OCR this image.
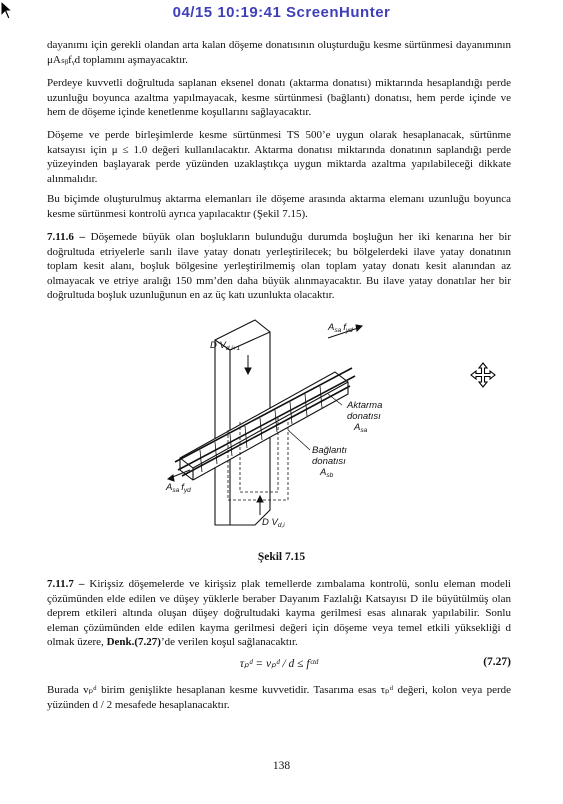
04/15 10:19:41 ScreenHunter
dayanımı için gerekli olandan arta kalan döşeme donatısının oluşturduğu kesme sürtünmesi dayanımının μAₛᵦfᵧd toplamını aşmayacaktır.
Perdeye kuvvetli doğrultuda saplanan eksenel donatı (aktarma donatısı) miktarında hesaplandığı perde uzunluğu boyunca azaltma yapılmayacak, kesme sürtünmesi (bağlantı) donatısı, hem perde içinde ve hem de döşeme içinde kenetlenme koşullarını sağlayacaktır.
Döşeme ve perde birleşimlerde kesme sürtünmesi TS 500’e uygun olarak hesaplanacak, sürtünme katsayısı için μ ≤ 1.0 değeri kullanılacaktır. Aktarma donatısı miktarında donatının saplandığı perde yüzeyinden başlayarak perde yüzünden uzaklaştıkça uygun miktarda azaltma yapılabileceği dikkate alınmalıdır.
Bu biçimde oluşturulmuş aktarma elemanları ile döşeme arasında aktarma elemanı uzunluğu boyunca kesme sürtünmesi kontrolü ayrıca yapılacaktır (Şekil 7.15).
7.11.6 – Döşemede büyük olan boşlukların bulunduğu durumda boşluğun her iki kenarına her bir doğrultuda etriyelerle sarılı ilave yatay donatı yerleştirilecek; bu bölgelerdeki ilave yatay donatının toplam kesit alanı, boşluk bölgesine yerleştirilmemiş olan toplam yatay donatı kesit alanından az olmayacak ve etriye aralığı 150 mm’den daha büyük alınmayacaktır. Bu ilave yatay donatılar her bir doğrultuda boşluk uzunluğunun en az üç katı uzunlukta olacaktır.
D $V_{d,i+1}$
$A_{sa}$ $f_{yd}$
Aktarma
donatısı
$A_{sa}$
Bağlantı
donatısı
$A_{sb}$
$A_{sa}$ $f_{yd}$
D $V_{d,i}$
Şekil 7.15
7.11.7 – Kirişsiz döşemelerde ve kirişsiz plak temellerde zımbalama kontrolü, sonlu eleman modeli çözümünden elde edilen ve düşey yüklerle beraber Dayanım Fazlalığı Katsayısı D ile büyütülmüş olan deprem etkileri altında oluşan düşey doğrultudaki kayma gerilmesi esas alınarak yapılabilir. Sonlu eleman çözümünden elde edilen kayma gerilmesi değeri için döşeme veya temel etkili yüksekliği d olmak üzere, Denk.(7.27)’de verilen koşul sağlanacaktır.
τₚᵈ = vₚᵈ / d ≤ fᶜᵗᵈ	(7.27)
Burada vₚᵈ birim genişlikte hesaplanan kesme kuvvetidir. Tasarıma esas τₚᵈ değeri, kolon veya perde yüzünden d / 2 mesafede hesaplanacaktır.
138
